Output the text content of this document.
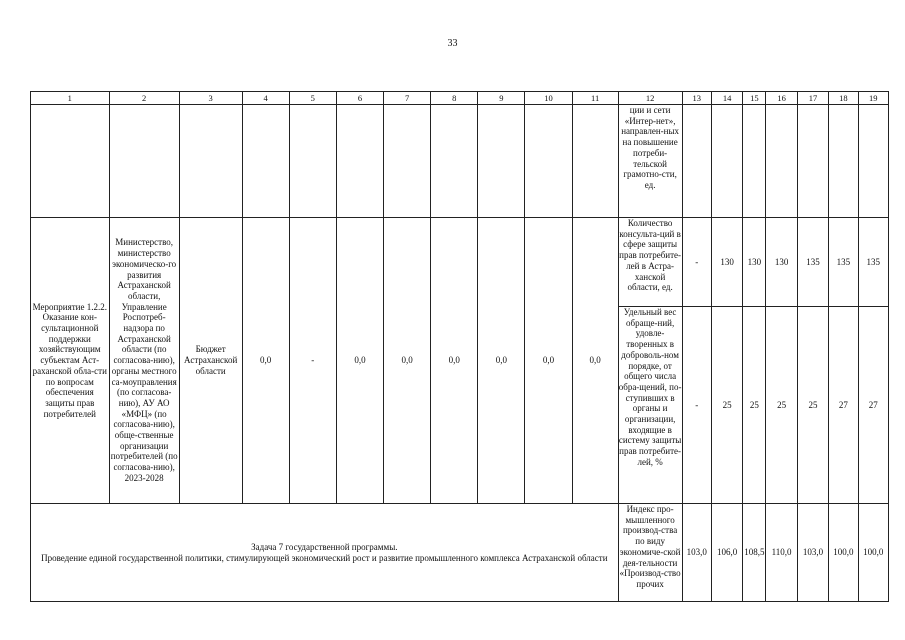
33
1	2	3	4	5	6	7	8	9	10	11	12	13	14	15	16	17	18	19
											ции и сети «Интер-нет», направлен-ных на повышение потреби-тельской грамотно-сти, ед.							
Мероприятие 1.2.2. Оказание кон-сультационной поддержки хозяйствующим субъектам Аст-раханской обла-сти по вопросам обеспечения защиты прав потребителей	Министерство, министерство экономическо-го развития Астраханской области, Управление Роспотреб-надзора по Астраханской области (по согласова-нию), органы местного са-моуправления (по согласова-нию), АУ АО «МФЦ» (по согласова-нию), обще-ственные организации потребителей (по согласова-нию), 2023-2028	Бюджет Астраханской области	0,0	-	0,0	0,0	0,0	0,0	0,0	0,0	Количество консульта-ций в сфере защиты прав потребите-лей в Астра-ханской области, ед.	-	130	130	130	135	135	135
											Удельный вес обраще-ний, удовле-творенных в доброволь-ном порядке, от общего числа обра-щений, по-ступивших в органы и организации, входящие в систему защиты прав потребите-лей, %	-	25	25	25	25	27	27

Задача 7 государственной программы.
Проведение единой государственной политики, стимулирующей экономический рост и развитие промышленного комплекса Астраханской области											Индекс про-мышленного производ-ства по виду экономиче-ской дея-тельности «Производ-ство прочих	103,0	106,0	108,5	110,0	103,0	100,0	100,0
